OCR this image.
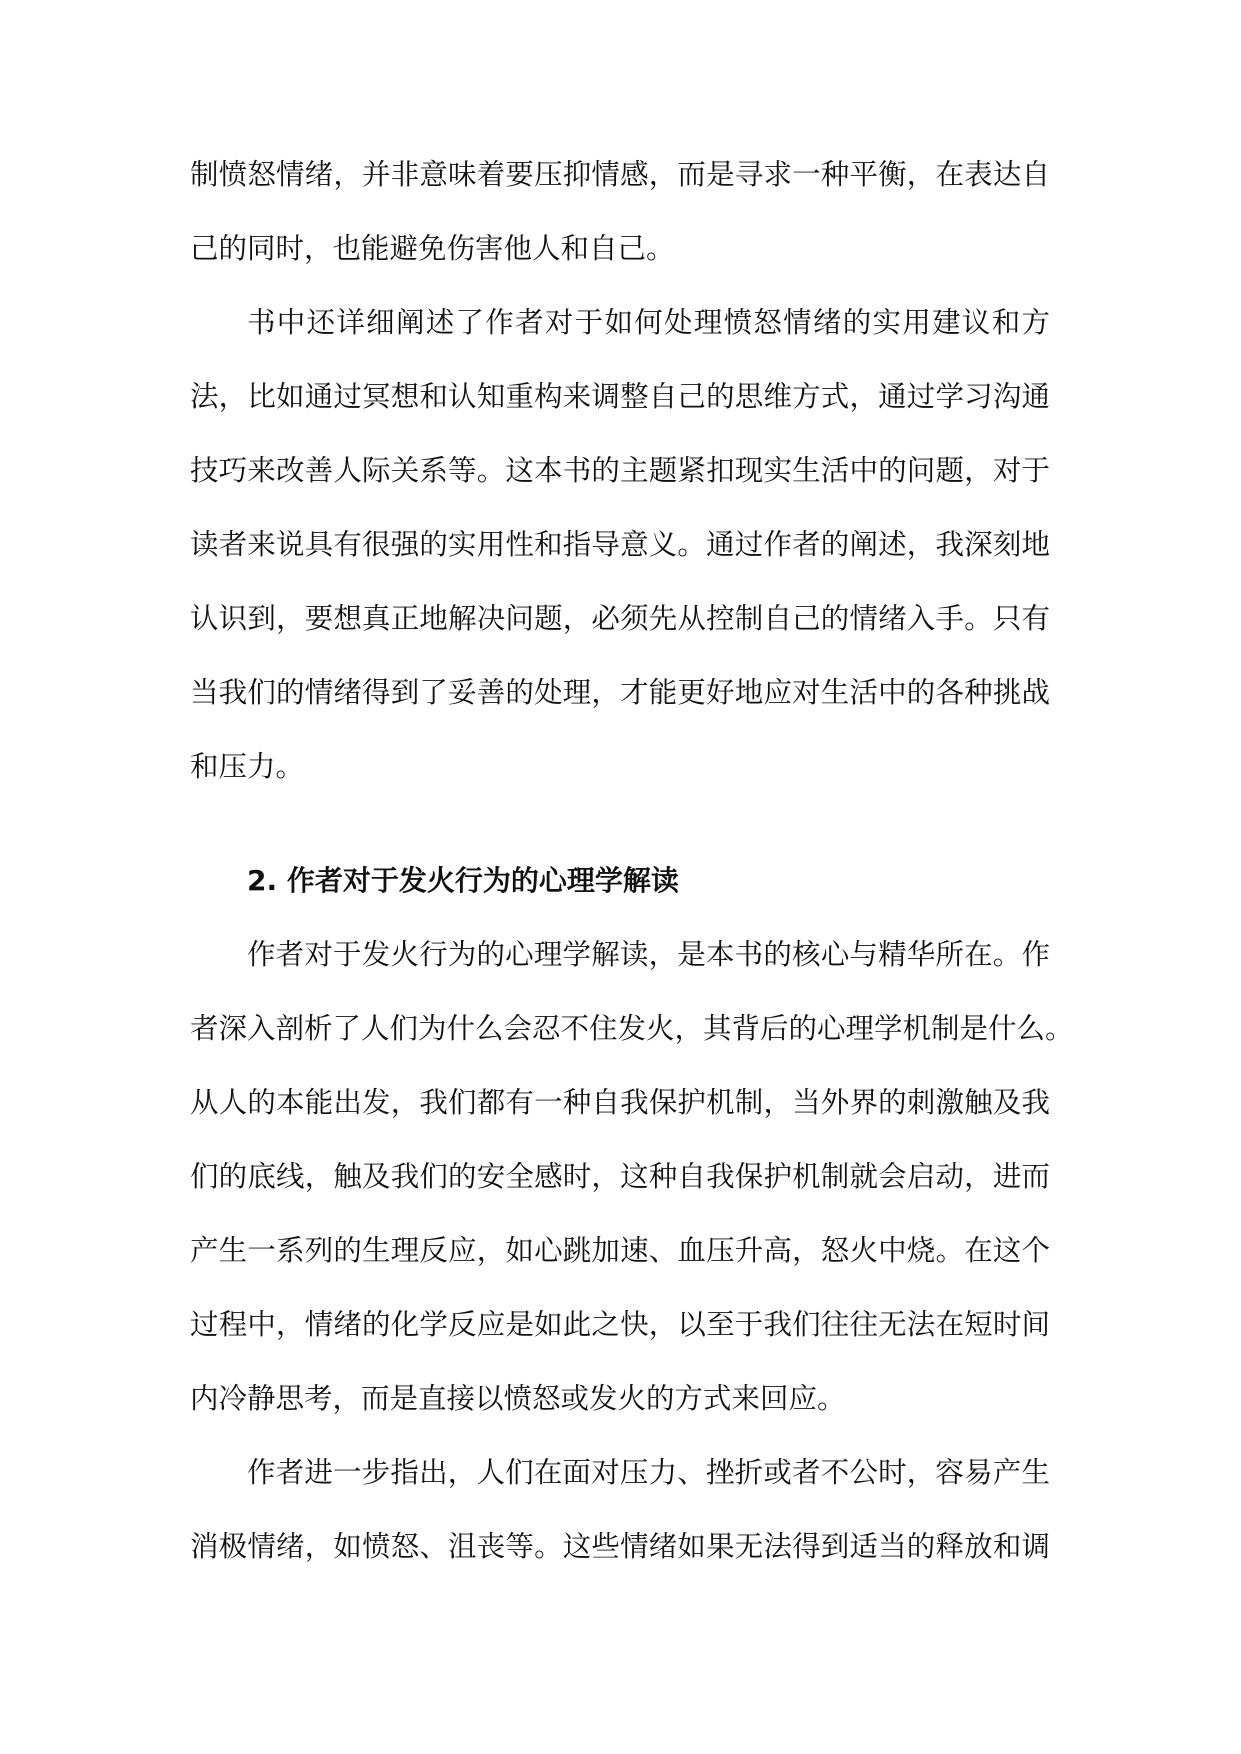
制愤怒情绪，并非意味着要压抑情感，而是寻求一种平衡，在表达自
己的同时，也能避免伤害他人和自己。
书中还详细阐述了作者对于如何处理愤怒情绪的实用建议和方
法，比如通过冥想和认知重构来调整自己的思维方式，通过学习沟通
技巧来改善人际关系等。这本书的主题紧扣现实生活中的问题，对于
读者来说具有很强的实用性和指导意义。通过作者的阐述，我深刻地
认识到，要想真正地解决问题，必须先从控制自己的情绪入手。只有
当我们的情绪得到了妥善的处理，才能更好地应对生活中的各种挑战
和压力。
2. 作者对于发火行为的心理学解读
作者对于发火行为的心理学解读，是本书的核心与精华所在。作
者深入剖析了人们为什么会忍不住发火，其背后的心理学机制是什么。
从人的本能出发，我们都有一种自我保护机制，当外界的刺激触及我
们的底线，触及我们的安全感时，这种自我保护机制就会启动，进而
产生一系列的生理反应，如心跳加速、血压升高，怒火中烧。在这个
过程中，情绪的化学反应是如此之快，以至于我们往往无法在短时间
内冷静思考，而是直接以愤怒或发火的方式来回应。
作者进一步指出，人们在面对压力、挫折或者不公时，容易产生
消极情绪，如愤怒、沮丧等。这些情绪如果无法得到适当的释放和调
